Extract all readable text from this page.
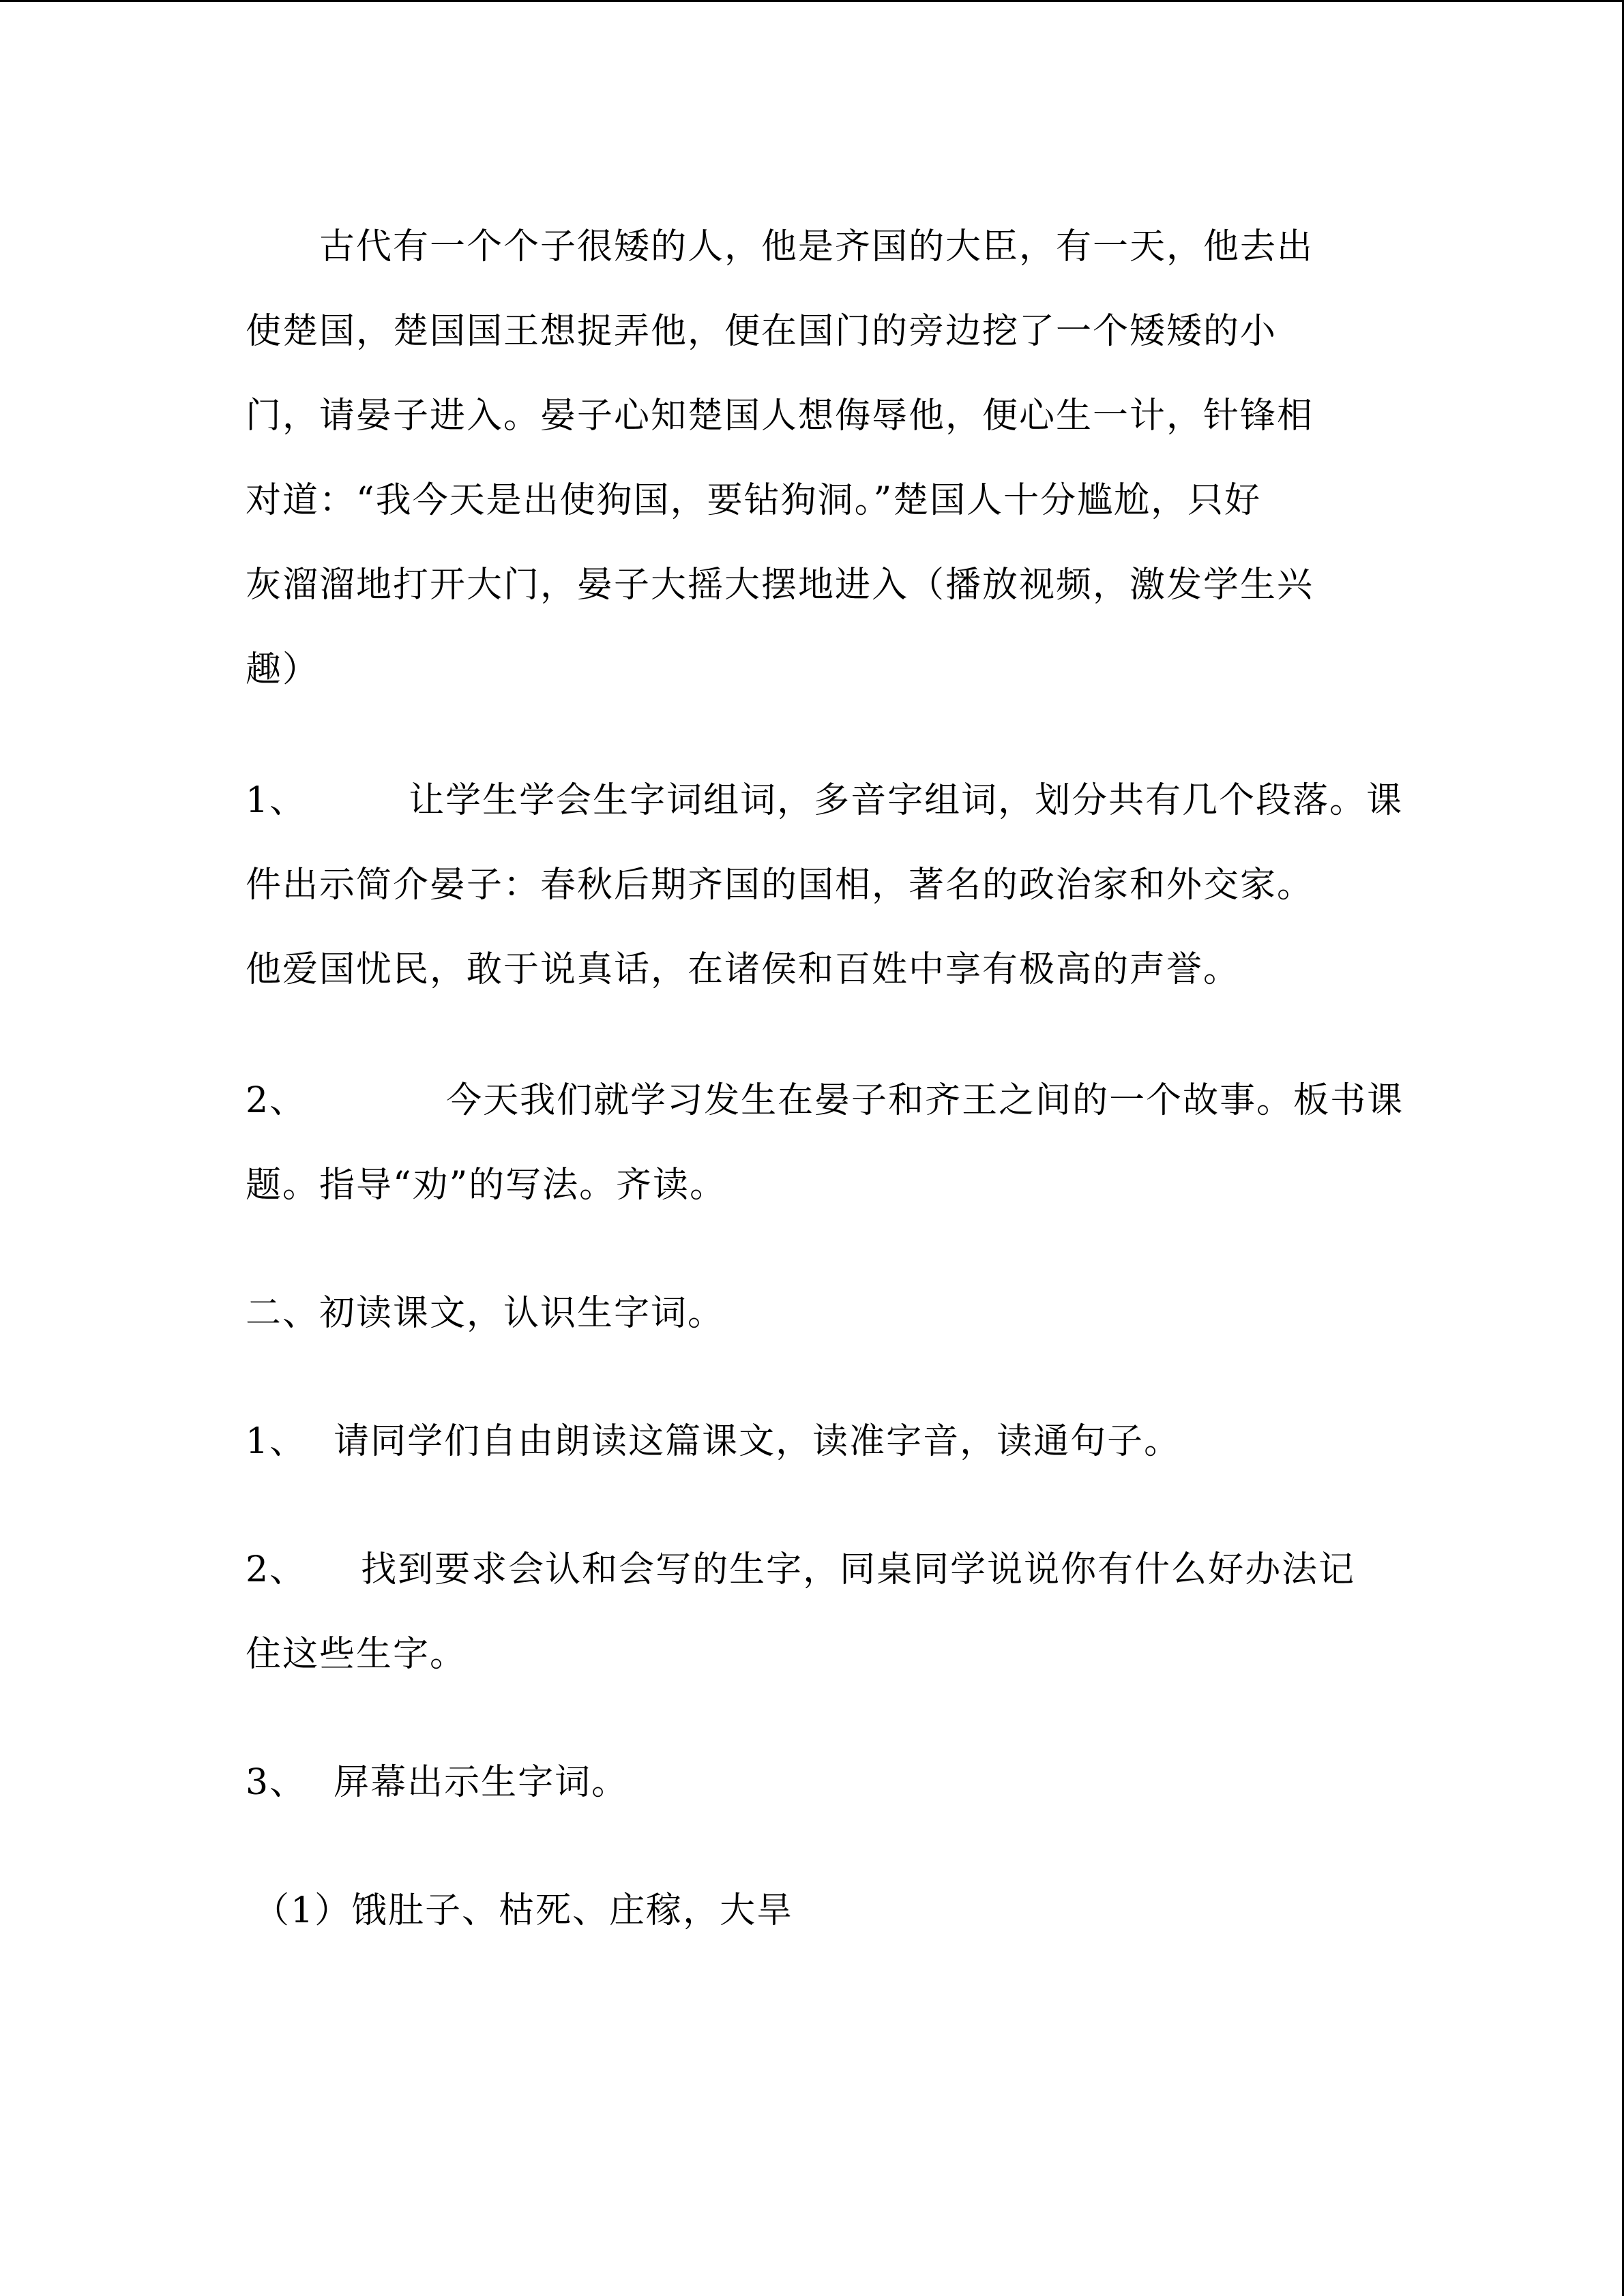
古代有一个个子很矮的人，他是齐国的大臣，有一天，他去出

使楚国，楚国国王想捉弄他，便在国门的旁边挖了一个矮矮的小

门，请晏子进入。晏子心知楚国人想侮辱他，便心生一计，针锋相

对道：“我今天是出使狗国，要钻狗洞。”楚国人十分尴尬，只好

灰溜溜地打开大门，晏子大摇大摆地进入（播放视频，激发学生兴

趣）

1、	让学生学会生字词组词，多音字组词，划分共有几个段落。课

件出示简介晏子：春秋后期齐国的国相，著名的政治家和外交家。

他爱国忧民，敢于说真话，在诸侯和百姓中享有极高的声誉。

2、	今天我们就学习发生在晏子和齐王之间的一个故事。板书课

题。指导“劝”的写法。齐读。

二、初读课文，认识生字词。

1、 请同学们自由朗读这篇课文，读准字音，读通句子。

2、 找到要求会认和会写的生字，同桌同学说说你有什么好办法记

住这些生字。

3、 屏幕出示生字词。

（1）饿肚子、枯死、庄稼，大旱
